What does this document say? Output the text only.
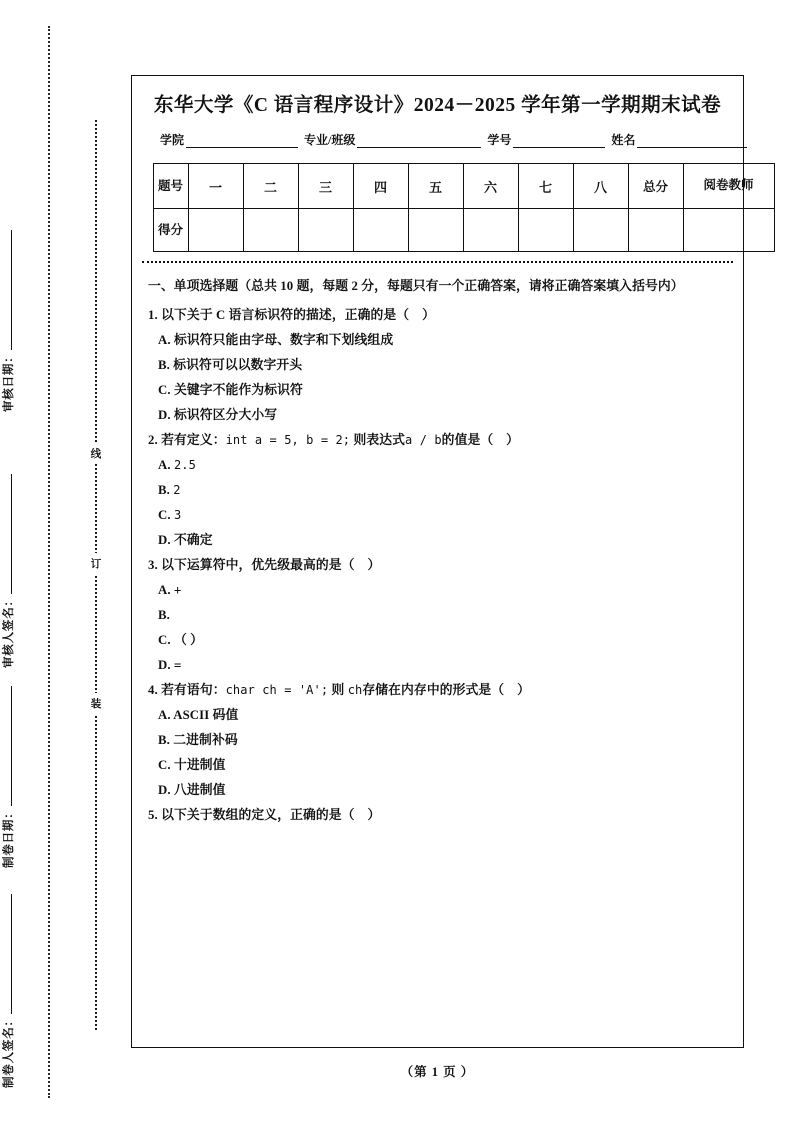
审核日期：
审核人签名：
制卷日期：
制卷人签名：
线
订
装
东华大学《C 语言程序设计》2024－2025 学年第一学期期末试卷
学院	专业/班级	学号	姓名
题号	一	二	三	四	五	六	七	八	总分	阅卷教师
得分										
一、单项选择题（总共 10 题，每题 2 分，每题只有一个正确答案，请将正确答案填入括号内）
1. 以下关于 C 语言标识符的描述，正确的是（　）
A. 标识符只能由字母、数字和下划线组成
B. 标识符可以以数字开头
C. 关键字不能作为标识符
D. 标识符区分大小写
2. 若有定义：int a = 5, b = 2; 则表达式a / b的值是（　）
A. 2.5
B. 2
C. 3
D. 不确定
3. 以下运算符中，优先级最高的是（　）
A. +
B.
C. （ ）
D. =
4. 若有语句：char ch = 'A'; 则 ch存储在内存中的形式是（　）
A. ASCII 码值
B. 二进制补码
C. 十进制值
D. 八进制值
5. 以下关于数组的定义，正确的是（　）
（第 1 页 ）
